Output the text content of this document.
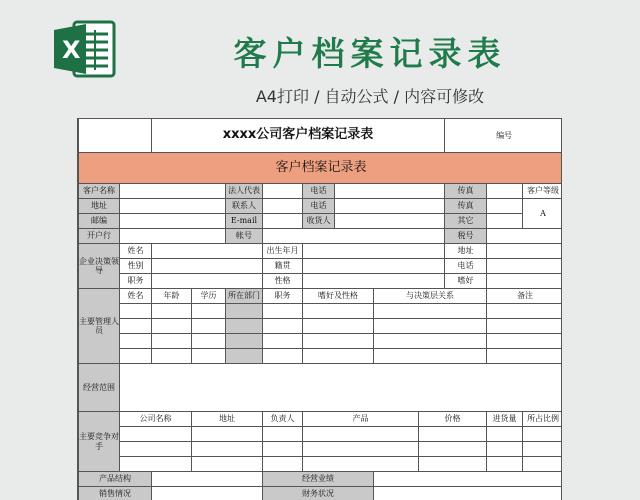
X	客户档案记录表
A4打印 / 自动公式 / 内容可修改
		xxxx公司客户档案记录表								编号		
客户档案记录表												
客户名称				法人代表		电话				传真		客户等级
地址				联系人		电话				传真		A
邮编				E-mail		收货人				其它		
开户行				帐号						税号		
企业决策领导	姓名				出生年月					地址		
	性别				籍贯					电话		
	职务				性格					嗜好		
主要管理人员	姓名	年龄	学历	所在部门	职务	嗜好及性格		与决策层关系			备注	

经营范围												
主要竞争对手	公司名称		地址		负责人	产品			价格		进货量	所占比例

产品结构					经营业绩							
销售情况					财务状况							
